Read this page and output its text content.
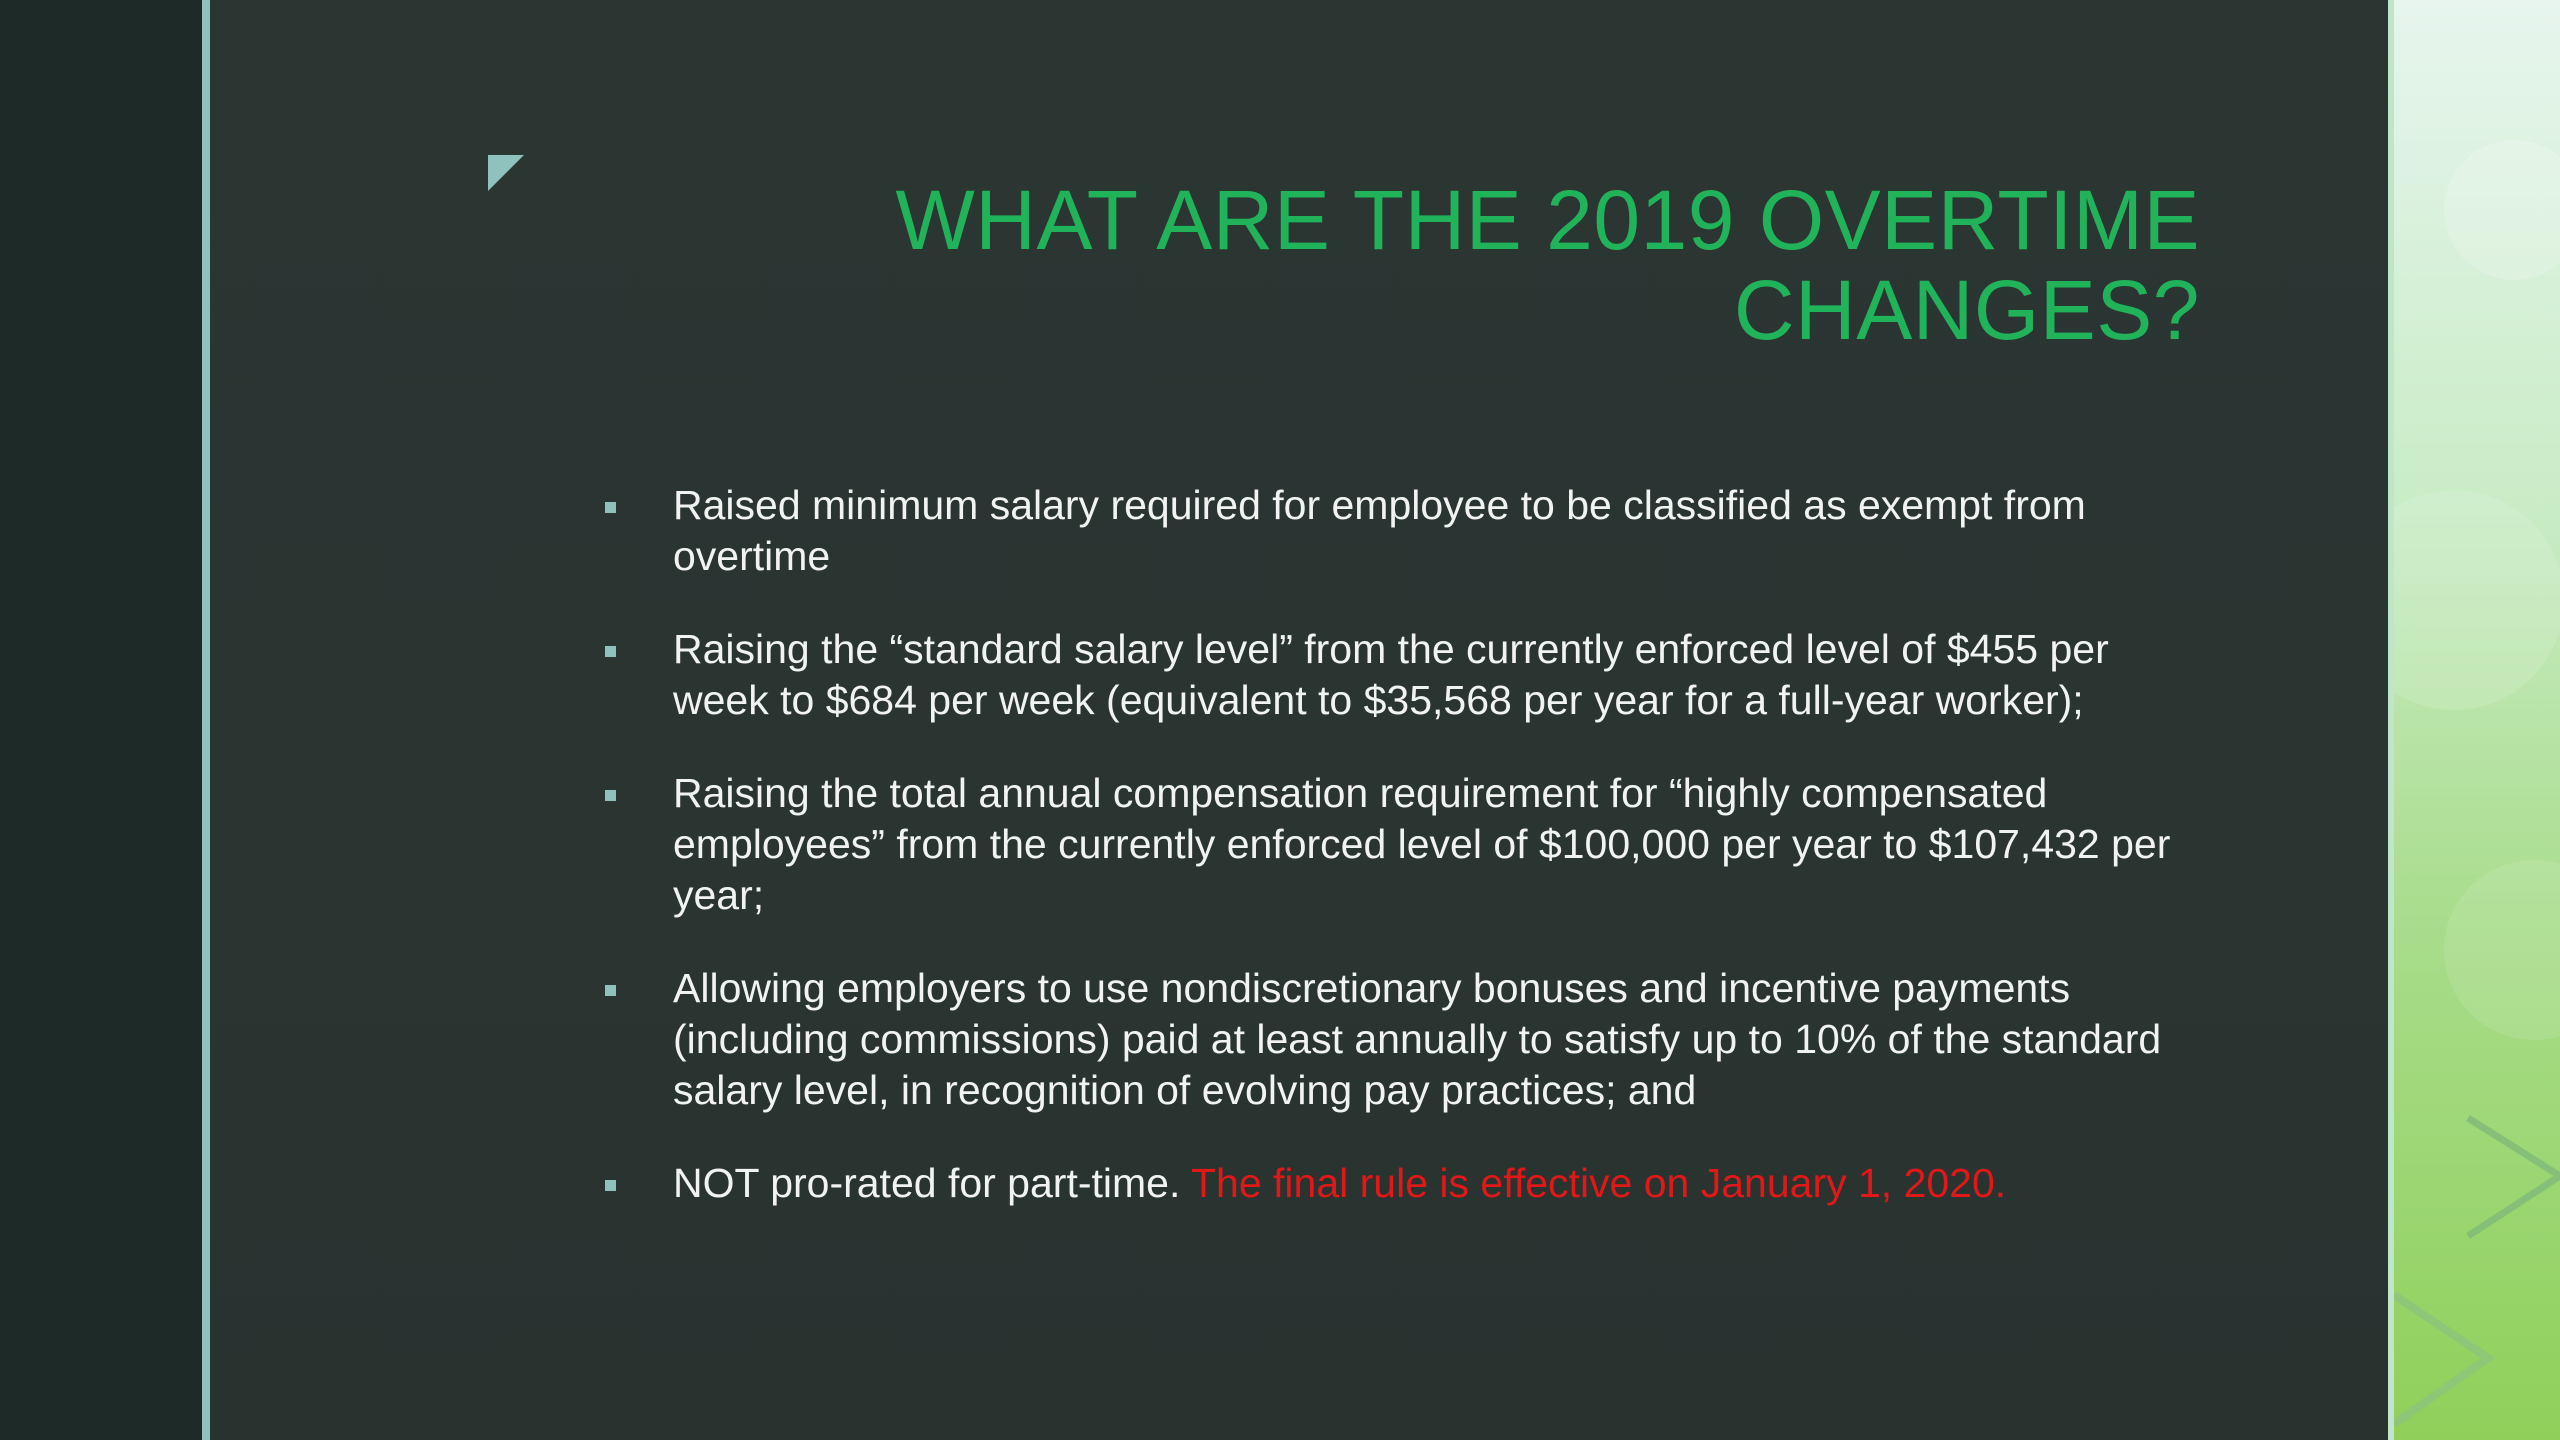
WHAT ARE THE 2019 OVERTIME
CHANGES?
Raised minimum salary required for employee to be classified as exempt from overtime
Raising the “standard salary level” from the currently enforced level of $455 per week to $684 per week (equivalent to $35,568 per year for a full-year worker);
Raising the total annual compensation requirement for “highly compensated employees” from the currently enforced level of $100,000 per year to $107,432 per year;
Allowing employers to use nondiscretionary bonuses and incentive payments (including commissions) paid at least annually to satisfy up to 10% of the standard salary level, in recognition of evolving pay practices; and
NOT pro-rated for part-time. The final rule is effective on January 1, 2020.
